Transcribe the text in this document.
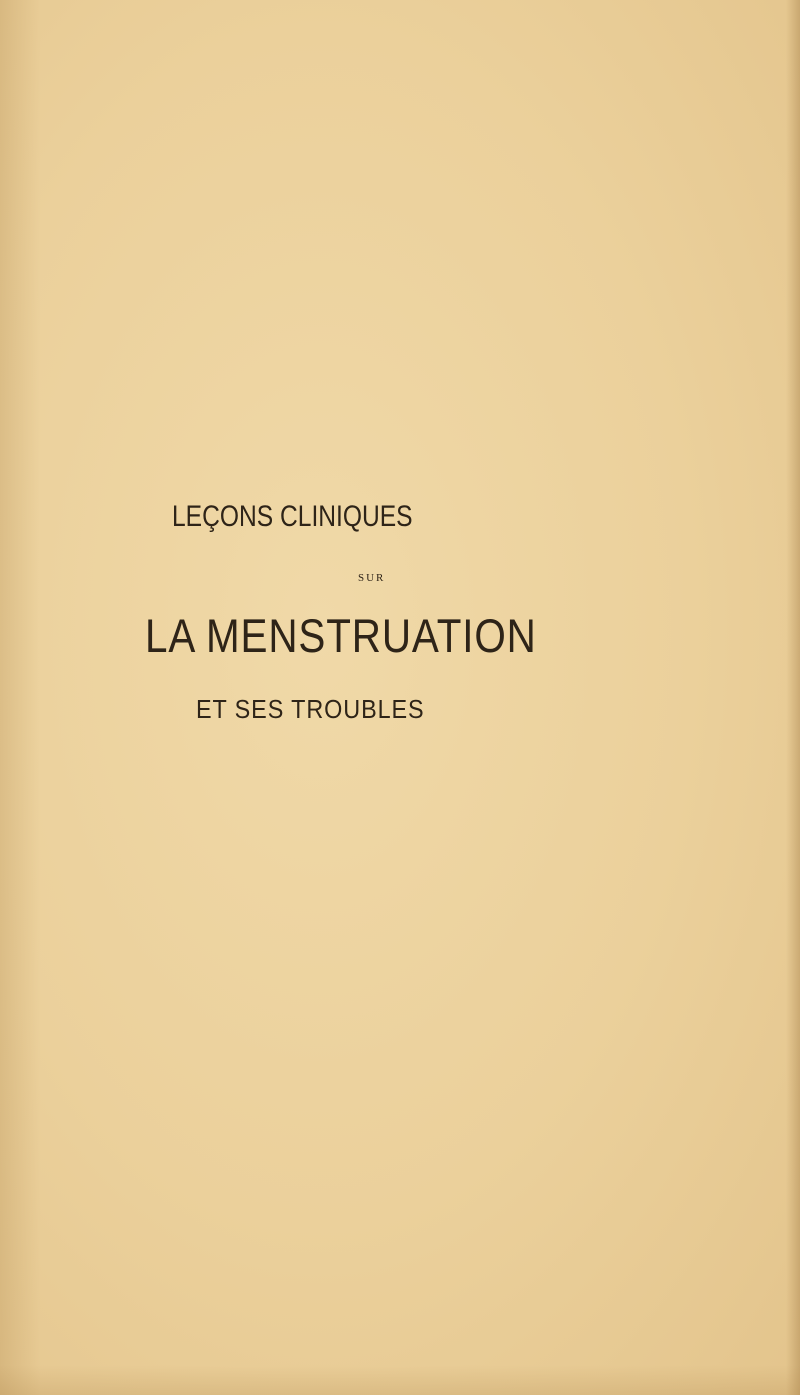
LEÇONS CLINIQUES
SUR
LA MENSTRUATION
ET SES TROUBLES
